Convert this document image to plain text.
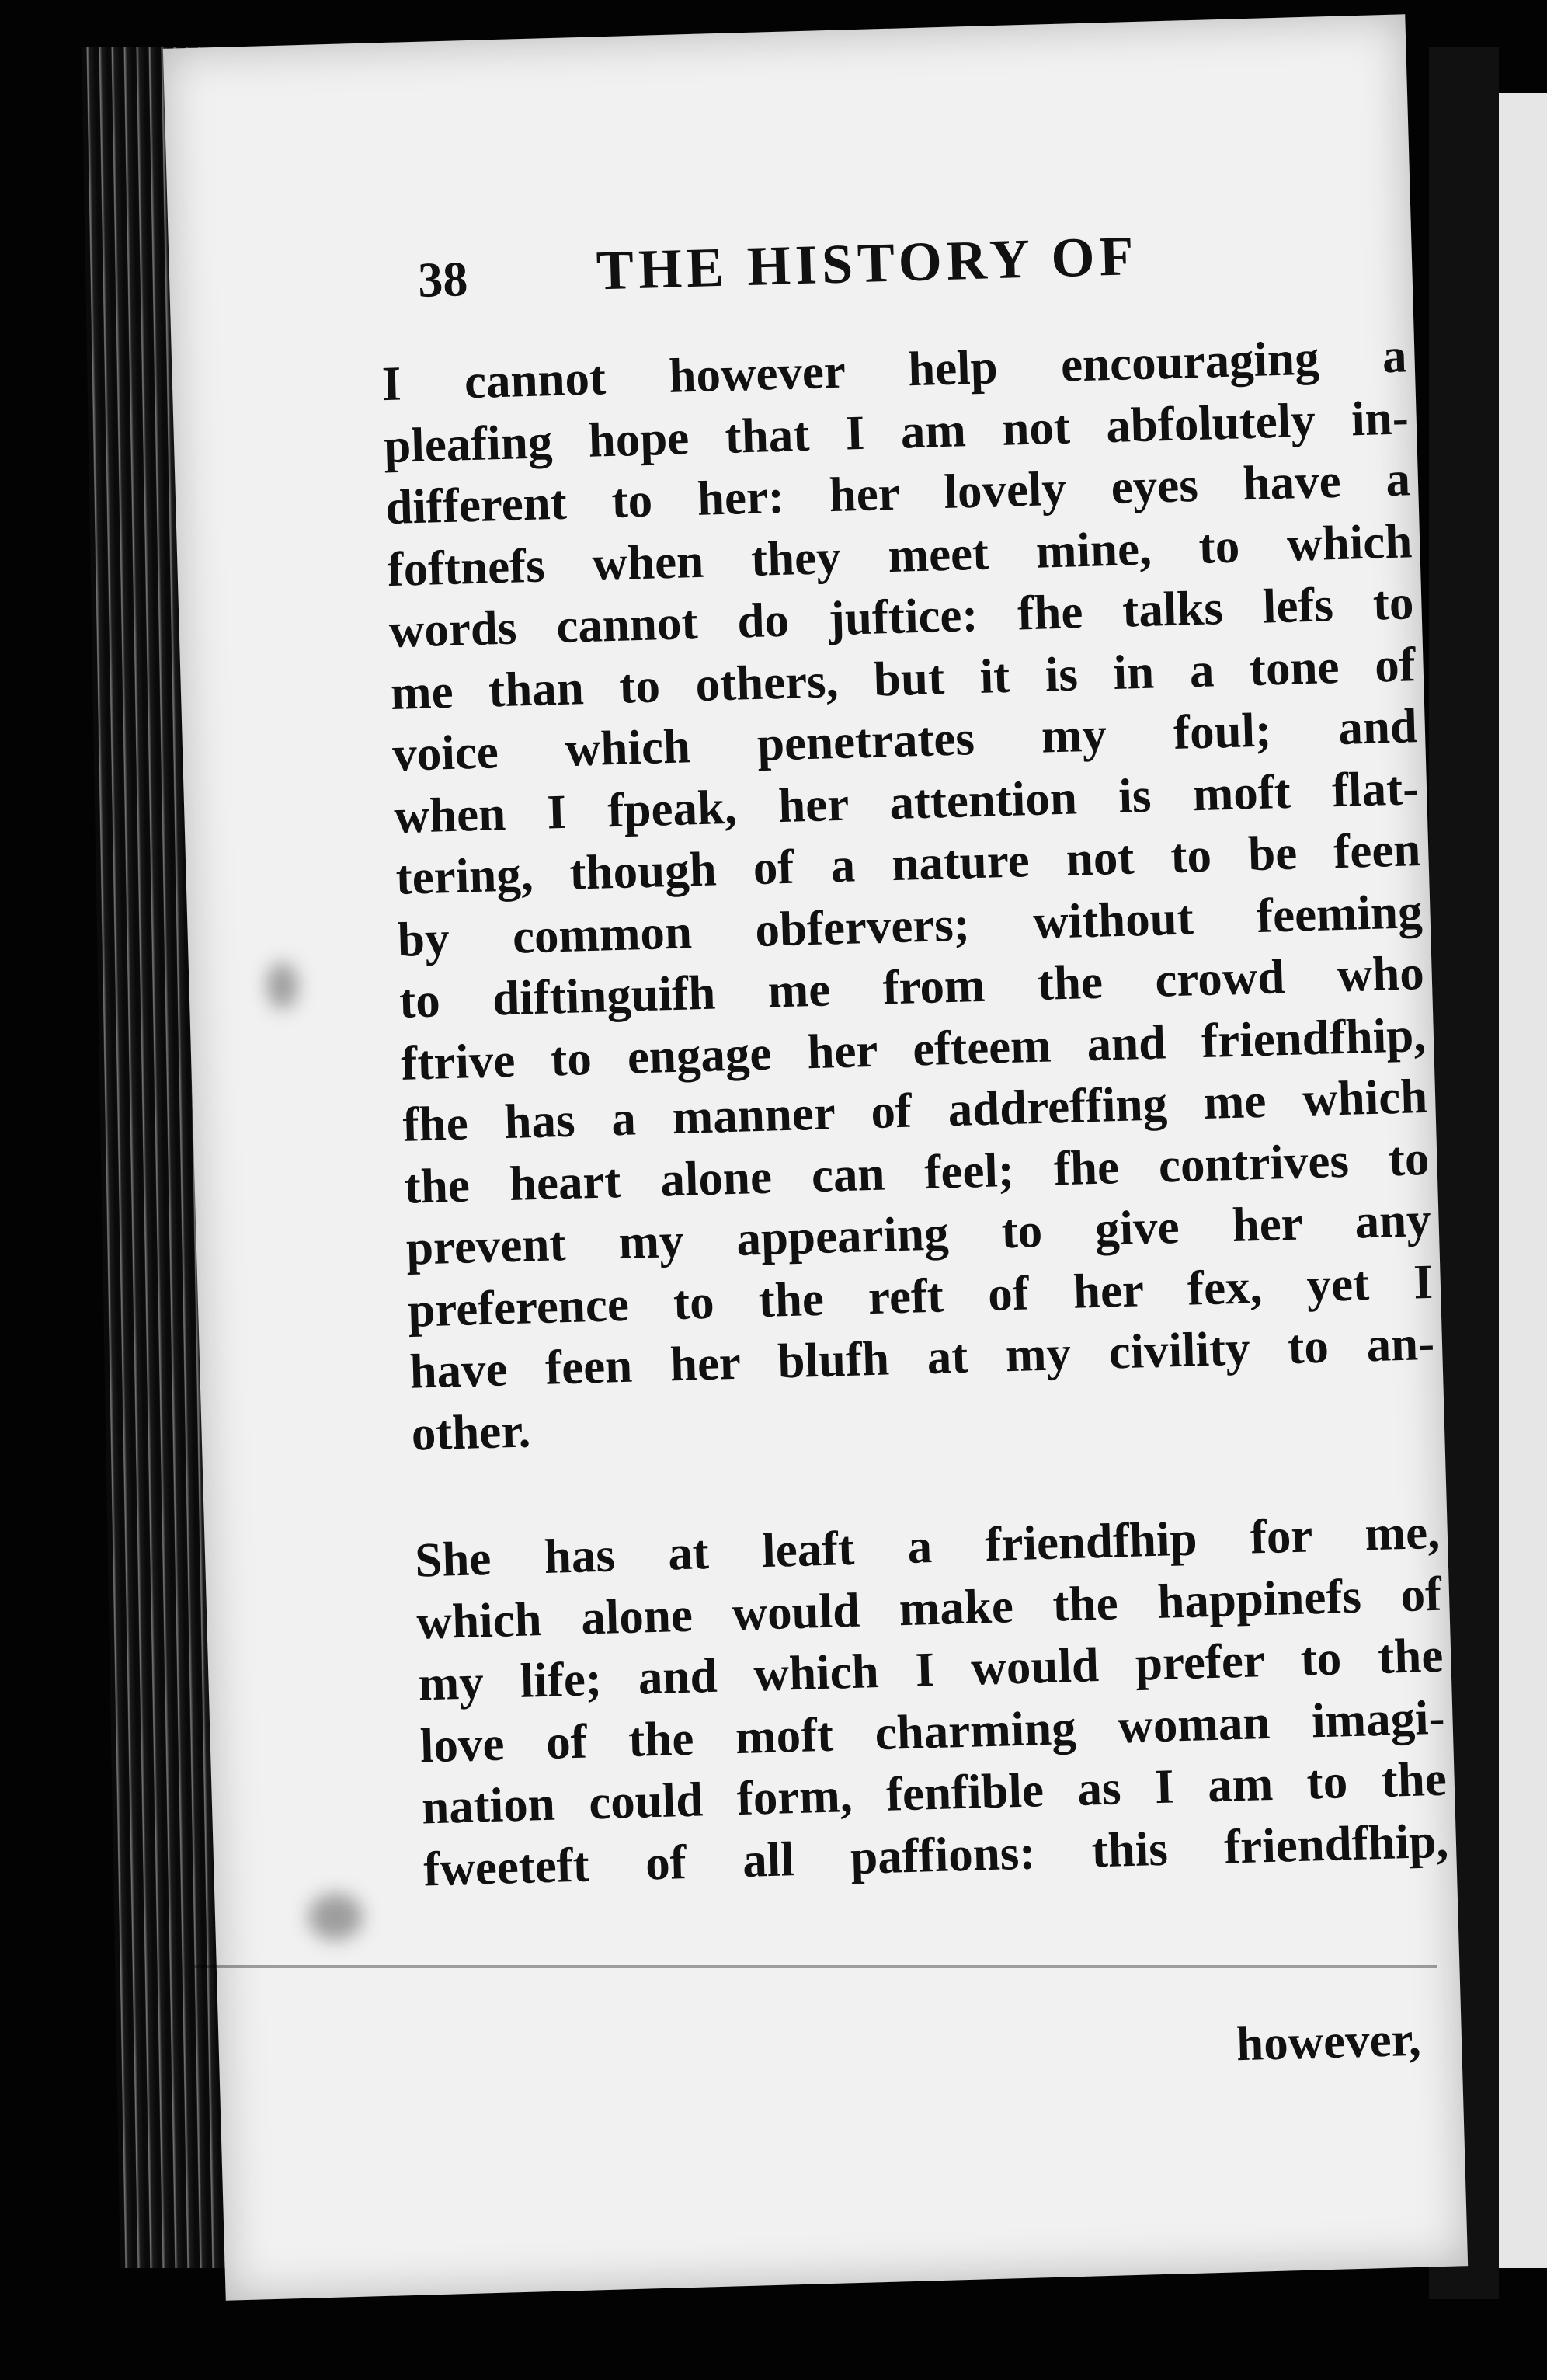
38 THE HISTORY OF
I cannot however help encouraging a
pleafing hope that I am not abfolutely in-
different to her: her lovely eyes have a
foftnefs when they meet mine, to which
words cannot do juftice: fhe talks lefs to
me than to others, but it is in a tone of
voice which penetrates my foul; and
when I fpeak, her attention is moft flat-
tering, though of a nature not to be feen
by common obfervers; without feeming
to diftinguifh me from the crowd who
ftrive to engage her efteem and friendfhip,
fhe has a manner of addreffing me which
the heart alone can feel; fhe contrives to
prevent my appearing to give her any
preference to the reft of her fex, yet I
have feen her blufh at my civility to an-
other.
She has at leaft a friendfhip for me,
which alone would make the happinefs of
my life; and which I would prefer to the
love of the moft charming woman imagi-
nation could form, fenfible as I am to the
fweeteft of all paffions: this friendfhip,
however,
